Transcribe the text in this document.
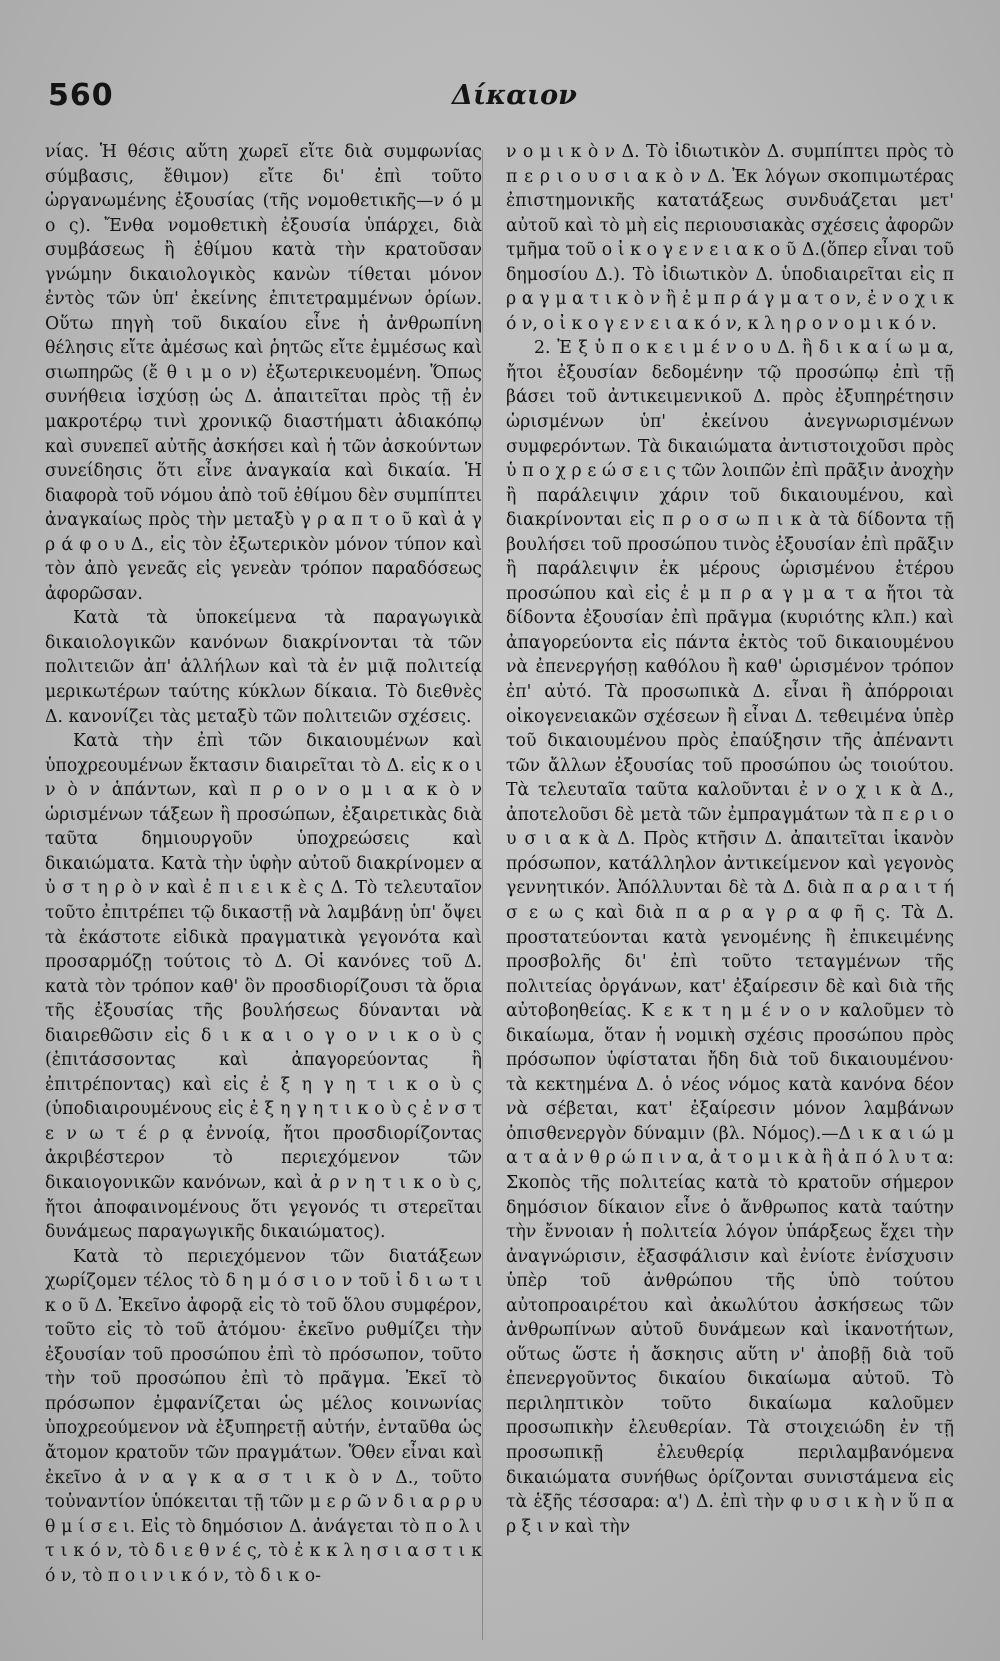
560	Δίκαιον

νίας. Ἡ θέσις αὕτη χωρεῖ εἴτε διὰ συμφωνίας σύμβασις, ἔθιμον) εἴτε δι' ἐπὶ τοῦτο ὠργανωμένης ἐξουσίας (τῆς νομοθετικῆς—ν ό μ ο ς). Ἔνθα νομοθετικὴ ἐξουσία ὑπάρχει, διὰ συμβάσεως ἢ ἐθίμου κατὰ τὴν κρατοῦσαν γνώμην δικαιολογικὸς κανὼν τίθεται μόνον ἐντὸς τῶν ὑπ' ἐκείνης ἐπιτετραμμένων ὁρίων. Οὕτω πηγὴ τοῦ δικαίου εἶνε ἡ ἀνθρωπίνη θέλησις εἴτε ἀμέσως καὶ ῥητῶς εἴτε ἐμμέσως καὶ σιωπηρῶς (ἔ θ ι μ ο ν) ἐξωτερικευομένη. Ὅπως συνήθεια ἰσχύσῃ ὡς Δ. ἀπαιτεῖται πρὸς τῇ ἐν μακροτέρῳ τινὶ χρονικῷ διαστήματι ἀδιακόπῳ καὶ συνεπεῖ αὐτῆς ἀσκήσει καὶ ἡ τῶν ἀσκούντων συνείδησις ὅτι εἶνε ἀναγκαία καὶ δικαία. Ἡ διαφορὰ τοῦ νόμου ἀπὸ τοῦ ἐθίμου δὲν συμπίπτει ἀναγκαίως πρὸς τὴν μεταξὺ γ ρ α π τ ο ῦ καὶ ἀ γ ρ ά φ ο υ Δ., εἰς τὸν ἐξωτερικὸν μόνον τύπον καὶ τὸν ἀπὸ γενεᾶς εἰς γενεὰν τρόπον παραδόσεως ἀφορῶσαν.

Κατὰ τὰ ὑποκείμενα τὰ παραγωγικὰ δικαιολογικῶν κανόνων διακρίνονται τὰ τῶν πολιτειῶν ἀπ' ἀλλήλων καὶ τὰ ἐν μιᾷ πολιτείᾳ μερικωτέρων ταύτης κύκλων δίκαια. Τὸ διεθνὲς Δ. κανονίζει τὰς μεταξὺ τῶν πολιτειῶν σχέσεις.

Κατὰ τὴν ἐπὶ τῶν δικαιουμένων καὶ ὑποχρεουμένων ἔκτασιν διαιρεῖται τὸ Δ. εἰς κ ο ι ν ὸ ν ἁπάντων, καὶ π ρ ο ν ο μ ι α κ ὸ ν ὡρισμένων τάξεων ἢ προσώπων, ἐξαιρετικὰς διὰ ταῦτα δημιουργοῦν ὑποχρεώσεις καὶ δικαιώματα. Κατὰ τὴν ὑφὴν αὐτοῦ διακρίνομεν α ὐ σ τ η ρ ὸ ν καὶ ἐ π ι ε ι κ ὲ ς Δ. Τὸ τελευταῖον τοῦτο ἐπιτρέπει τῷ δικαστῇ νὰ λαμβάνῃ ὑπ' ὄψει τὰ ἑκάστοτε εἰδικὰ πραγματικὰ γεγονότα καὶ προσαρμόζῃ τούτοις τὸ Δ. Οἱ κανόνες τοῦ Δ. κατὰ τὸν τρόπον καθ' ὃν προσδιορίζουσι τὰ ὅρια τῆς ἐξουσίας τῆς βουλήσεως δύνανται νὰ διαιρεθῶσιν εἰς δ ι κ α ι ο γ ο ν ι κ ο ὺ ς (ἐπιτάσσοντας καὶ ἀπαγορεύοντας ἢ ἐπιτρέποντας) καὶ εἰς ἐ ξ η γ η τ ι κ ο ὺ ς (ὑποδιαιρουμένους εἰς ἐ ξ η γ η τ ι κ ο ὺ ς ἐ ν σ τ ε ν ω τ έ ρ ᾳ ἐννοίᾳ, ἤτοι προσδιορίζοντας ἀκριβέστερον τὸ περιεχόμενον τῶν δικαιογονικῶν κανόνων, καὶ ἀ ρ ν η τ ι κ ο ὺ ς, ἤτοι ἀποφαινομένους ὅτι γεγονός τι στερεῖται δυνάμεως παραγωγικῆς δικαιώματος).

Κατὰ τὸ περιεχόμενον τῶν διατάξεων χωρίζομεν τέλος τὸ δ η μ ό σ ι ο ν τοῦ ἰ δ ι ω τ ι κ ο ῦ Δ. Ἐκεῖνο ἀφορᾷ εἰς τὸ τοῦ ὅλου συμφέρον, τοῦτο εἰς τὸ τοῦ ἀτόμου· ἐκεῖνο ρυθμίζει τὴν ἐξουσίαν τοῦ προσώπου ἐπὶ τὸ πρόσωπον, τοῦτο τὴν τοῦ προσώπου ἐπὶ τὸ πρᾶγμα. Ἐκεῖ τὸ πρόσωπον ἐμφανίζεται ὡς μέλος κοινωνίας ὑποχρεούμενον νὰ ἐξυπηρετῇ αὐτήν, ἐνταῦθα ὡς ἄτομον κρατοῦν τῶν πραγμάτων. Ὅθεν εἶναι καὶ ἐκεῖνο ἀ ν α γ κ α σ τ ι κ ὸ ν Δ., τοῦτο τοὐναντίον ὑπόκειται τῇ τῶν μ ε ρ ῶ ν δ ι α ρ ρ υ θ μ ί σ ε ι. Εἰς τὸ δημόσιον Δ. ἀνάγεται τὸ π ο λ ι τ ι κ ό ν, τὸ δ ι ε θ ν έ ς, τὸ ἐ κ κ λ η σ ι α σ τ ι κ ό ν, τὸ π ο ι ν ι κ ό ν, τὸ δ ι κ ο-

ν ο μ ι κ ὸ ν Δ. Τὸ ἰδιωτικὸν Δ. συμπίπτει πρὸς τὸ π ε ρ ι ο υ σ ι α κ ὸ ν Δ. Ἐκ λόγων σκοπιμωτέρας ἐπιστημονικῆς κατατάξεως συνδυάζεται μετ' αὐτοῦ καὶ τὸ μὴ εἰς περιουσιακὰς σχέσεις ἀφορῶν τμῆμα τοῦ ο ἰ κ ο γ ε ν ε ι α κ ο ῦ Δ.(ὅπερ εἶναι τοῦ δημοσίου Δ.). Τὸ ἰδιωτικὸν Δ. ὑποδιαιρεῖται εἰς π ρ α γ μ α τ ι κ ὸ ν ἢ ἐ μ π ρ ά γ μ α τ ο ν, ἐ ν ο χ ι κ ό ν, ο ἰ κ ο γ ε ν ε ι α κ ό ν, κ λ η ρ ο ν ο μ ι κ ό ν.

2. Ἐ ξ ὑ π ο κ ε ι μ έ ν ο υ Δ. ἢ δ ι κ α ί ω μ α, ἤτοι ἐξουσίαν δεδομένην τῷ προσώπῳ ἐπὶ τῇ βάσει τοῦ ἀντικειμενικοῦ Δ. πρὸς ἐξυπηρέτησιν ὡρισμένων ὑπ' ἐκείνου ἀνεγνωρισμένων συμφερόντων. Τὰ δικαιώματα ἀντιστοιχοῦσι πρὸς ὑ π ο χ ρ ε ώ σ ε ι ς τῶν λοιπῶν ἐπὶ πρᾶξιν ἀνοχὴν ἢ παράλειψιν χάριν τοῦ δικαιουμένου, καὶ διακρίνονται εἰς π ρ ο σ ω π ι κ ὰ τὰ δίδοντα τῇ βουλήσει τοῦ προσώπου τινὸς ἐξουσίαν ἐπὶ πρᾶξιν ἢ παράλειψιν ἐκ μέρους ὡρισμένου ἑτέρου προσώπου καὶ εἰς ἐ μ π ρ α γ μ α τ α ἤτοι τὰ δίδοντα ἐξουσίαν ἐπὶ πρᾶγμα (κυριότης κλπ.) καὶ ἀπαγορεύοντα εἰς πάντα ἐκτὸς τοῦ δικαιουμένου νὰ ἐπενεργήσῃ καθόλου ἢ καθ' ὡρισμένον τρόπον ἐπ' αὐτό. Τὰ προσωπικὰ Δ. εἶναι ἢ ἀπόρροιαι οἰκογενειακῶν σχέσεων ἢ εἶναι Δ. τεθειμένα ὑπὲρ τοῦ δικαιουμένου πρὸς ἐπαύξησιν τῆς ἀπέναντι τῶν ἄλλων ἐξουσίας τοῦ προσώπου ὡς τοιούτου. Τὰ τελευταῖα ταῦτα καλοῦνται ἐ ν ο χ ι κ ὰ Δ., ἀποτελοῦσι δὲ μετὰ τῶν ἐμπραγμάτων τὰ π ε ρ ι ο υ σ ι α κ ὰ Δ. Πρὸς κτῆσιν Δ. ἀπαιτεῖται ἱκανὸν πρόσωπον, κατάλληλον ἀντικείμενον καὶ γεγονὸς γεννητικόν. Ἀπόλλυνται δὲ τὰ Δ. διὰ π α ρ α ι τ ή σ ε ω ς καὶ διὰ π α ρ α γ ρ α φ ῆ ς. Τὰ Δ. προστατεύονται κατὰ γενομένης ἢ ἐπικειμένης προσβολῆς δι' ἐπὶ τοῦτο τεταγμένων τῆς πολιτείας ὀργάνων, κατ' ἐξαίρεσιν δὲ καὶ διὰ τῆς αὐτοβοηθείας. Κ ε κ τ η μ έ ν ο ν καλοῦμεν τὸ δικαίωμα, ὅταν ἡ νομικὴ σχέσις προσώπου πρὸς πρόσωπον ὑφίσταται ἤδη διὰ τοῦ δικαιουμένου· τὰ κεκτημένα Δ. ὁ νέος νόμος κατὰ κανόνα δέον νὰ σέβεται, κατ' ἐξαίρεσιν μόνον λαμβάνων ὀπισθενεργὸν δύναμιν (βλ. Νόμος).—Δ ι κ α ι ώ μ α τ α ἀ ν θ ρ ώ π ι ν α, ἀ τ ο μ ι κ ὰ ἢ ἀ π ό λ υ τ α: Σκοπὸς τῆς πολιτείας κατὰ τὸ κρατοῦν σήμερον δημόσιον δίκαιον εἶνε ὁ ἄνθρωπος κατὰ ταύτην τὴν ἔννοιαν ἡ πολιτεία λόγον ὑπάρξεως ἔχει τὴν ἀναγνώρισιν, ἐξασφάλισιν καὶ ἐνίοτε ἐνίσχυσιν ὑπὲρ τοῦ ἀνθρώπου τῆς ὑπὸ τούτου αὐτοπροαιρέτου καὶ ἀκωλύτου ἀσκήσεως τῶν ἀνθρωπίνων αὐτοῦ δυνάμεων καὶ ἱκανοτήτων, οὕτως ὥστε ἡ ἄσκησις αὕτη ν' ἀποβῇ διὰ τοῦ ἐπενεργοῦντος δικαίου δικαίωμα αὐτοῦ. Τὸ περιληπτικὸν τοῦτο δικαίωμα καλοῦμεν προσωπικὴν ἐλευθερίαν. Τὰ στοιχειώδη ἐν τῇ προσωπικῇ ἐλευθερίᾳ περιλαμβανόμενα δικαιώματα συνήθως ὁρίζονται συνιστάμενα εἰς τὰ ἑξῆς τέσσαρα: α') Δ. ἐπὶ τὴν φ υ σ ι κ ὴ ν ὕ π α ρ ξ ι ν καὶ τὴν
